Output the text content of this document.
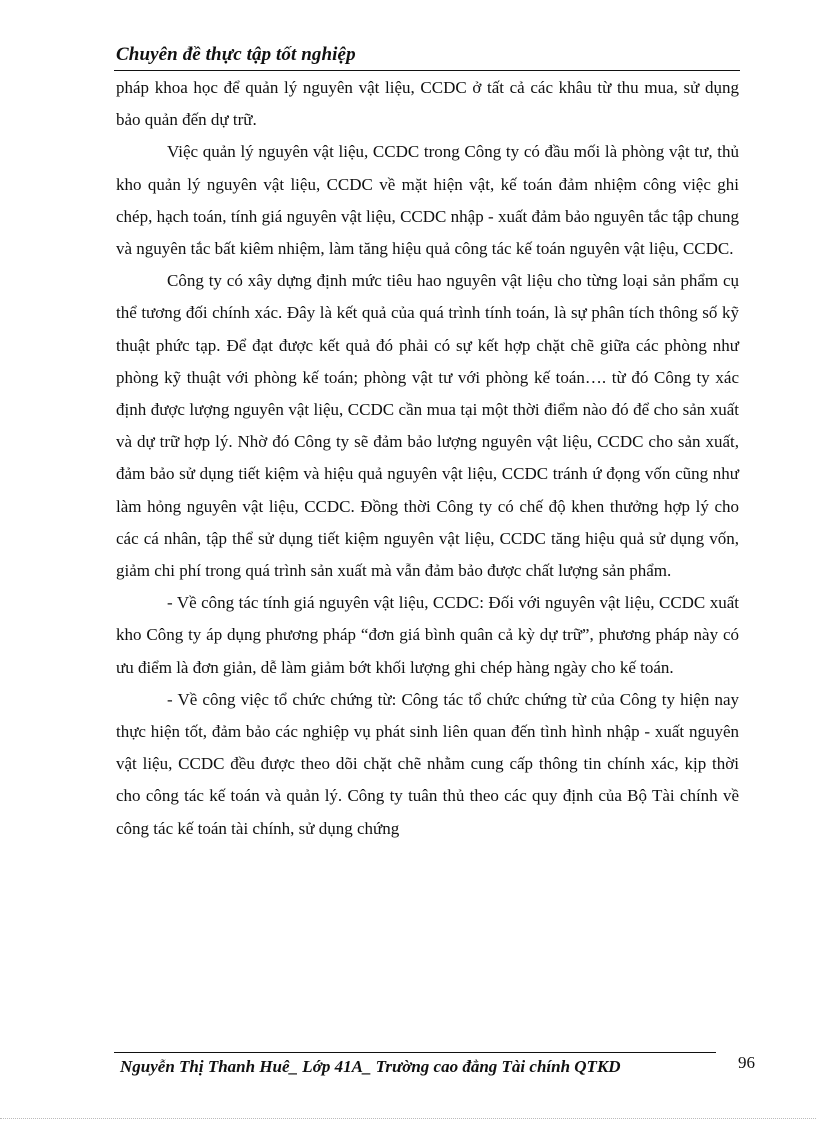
Chuyên đề thực tập tốt nghiệp

pháp khoa học để quản lý nguyên vật liệu, CCDC ở tất cả các khâu từ thu mua, sử dụng bảo quản đến dự trữ.

Việc quản lý nguyên vật liệu, CCDC trong Công ty có đầu mối là phòng vật tư, thủ kho quản lý nguyên vật liệu, CCDC về mặt hiện vật, kế toán đảm nhiệm công việc ghi chép, hạch toán, tính giá nguyên vật liệu, CCDC nhập - xuất đảm bảo nguyên tắc tập chung và nguyên tắc bất kiêm nhiệm, làm tăng hiệu quả công tác kế toán nguyên vật liệu, CCDC.

Công ty có xây dựng định mức tiêu hao nguyên vật liệu cho từng loại sản phẩm cụ thể tương đối chính xác. Đây là kết quả của quá trình tính toán, là sự phân tích thông số kỹ thuật phức tạp. Để đạt được kết quả đó phải có sự kết hợp chặt chẽ giữa các phòng như phòng kỹ thuật với phòng kế toán; phòng vật tư với phòng kế toán…. từ đó Công ty xác định được lượng nguyên vật liệu, CCDC cần mua tại một thời điểm nào đó để cho sản xuất và dự trữ hợp lý. Nhờ đó Công ty sẽ đảm bảo lượng nguyên vật liệu, CCDC cho sản xuất, đảm bảo sử dụng tiết kiệm và hiệu quả nguyên vật liệu, CCDC tránh ứ đọng vốn cũng như làm hỏng nguyên vật liệu, CCDC. Đồng thời Công ty có chế độ khen thưởng hợp lý cho các cá nhân, tập thể sử dụng tiết kiệm nguyên vật liệu, CCDC tăng hiệu quả sử dụng vốn, giảm chi phí trong quá trình sản xuất mà vẫn đảm bảo được chất lượng sản phẩm.

- Về công tác tính giá nguyên vật liệu, CCDC: Đối với nguyên vật liệu, CCDC xuất kho Công ty áp dụng phương pháp “đơn giá bình quân cả kỳ dự trữ”, phương pháp này có ưu điểm là đơn giản, dễ làm giảm bớt khối lượng ghi chép hàng ngày cho kế toán.

- Về công việc tổ chức chứng từ: Công tác tổ chức chứng từ của Công ty hiện nay thực hiện tốt, đảm bảo các nghiệp vụ phát sinh liên quan đến tình hình nhập - xuất nguyên vật liệu, CCDC đều được theo dõi chặt chẽ nhằm cung cấp thông tin chính xác, kịp thời cho công tác kế toán và quản lý. Công ty tuân thủ theo các quy định của Bộ Tài chính về công tác kế toán tài chính, sử dụng chứng

Nguyễn Thị Thanh Huê_ Lớp 41A_ Trường cao đẳng Tài chính QTKD	96
